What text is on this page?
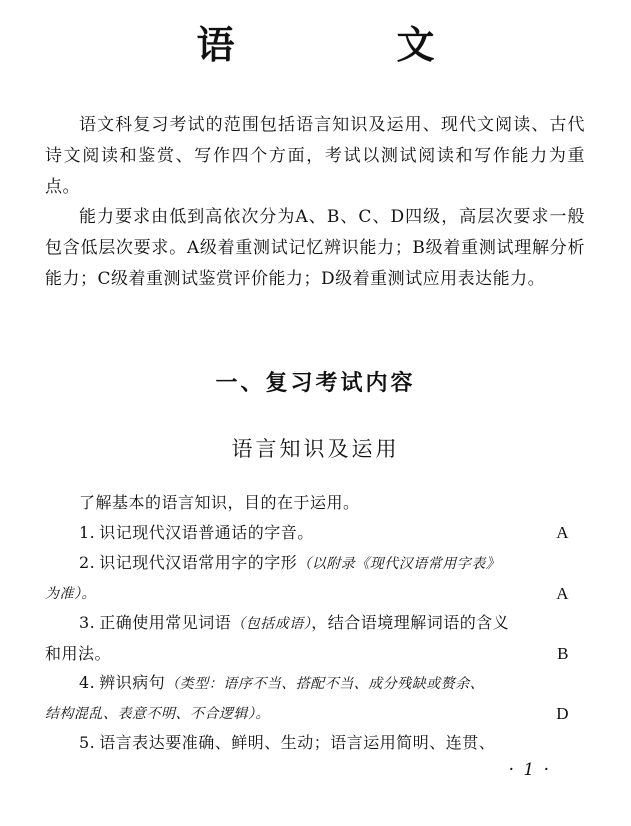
语　文
语文科复习考试的范围包括语言知识及运用、现代文阅读、古代诗文阅读和鉴赏、写作四个方面，考试以测试阅读和写作能力为重点。
能力要求由低到高依次分为A、B、C、D四级，高层次要求一般包含低层次要求。A级着重测试记忆辨识能力；B级着重测试理解分析能力；C级着重测试鉴赏评价能力；D级着重测试应用表达能力。
一、复习考试内容
语言知识及运用
了解基本的语言知识，目的在于运用。
1. 识记现代汉语普通话的字音。	A
2. 识记现代汉语常用字的字形（以附录《现代汉语常用字表》
为准）。	A
3. 正确使用常见词语（包括成语），结合语境理解词语的含义
和用法。	B
4. 辨识病句（类型：语序不当、搭配不当、成分残缺或赘余、
结构混乱、表意不明、不合逻辑）。	D
5. 语言表达要准确、鲜明、生动；语言运用简明、连贯、
· 1 ·
